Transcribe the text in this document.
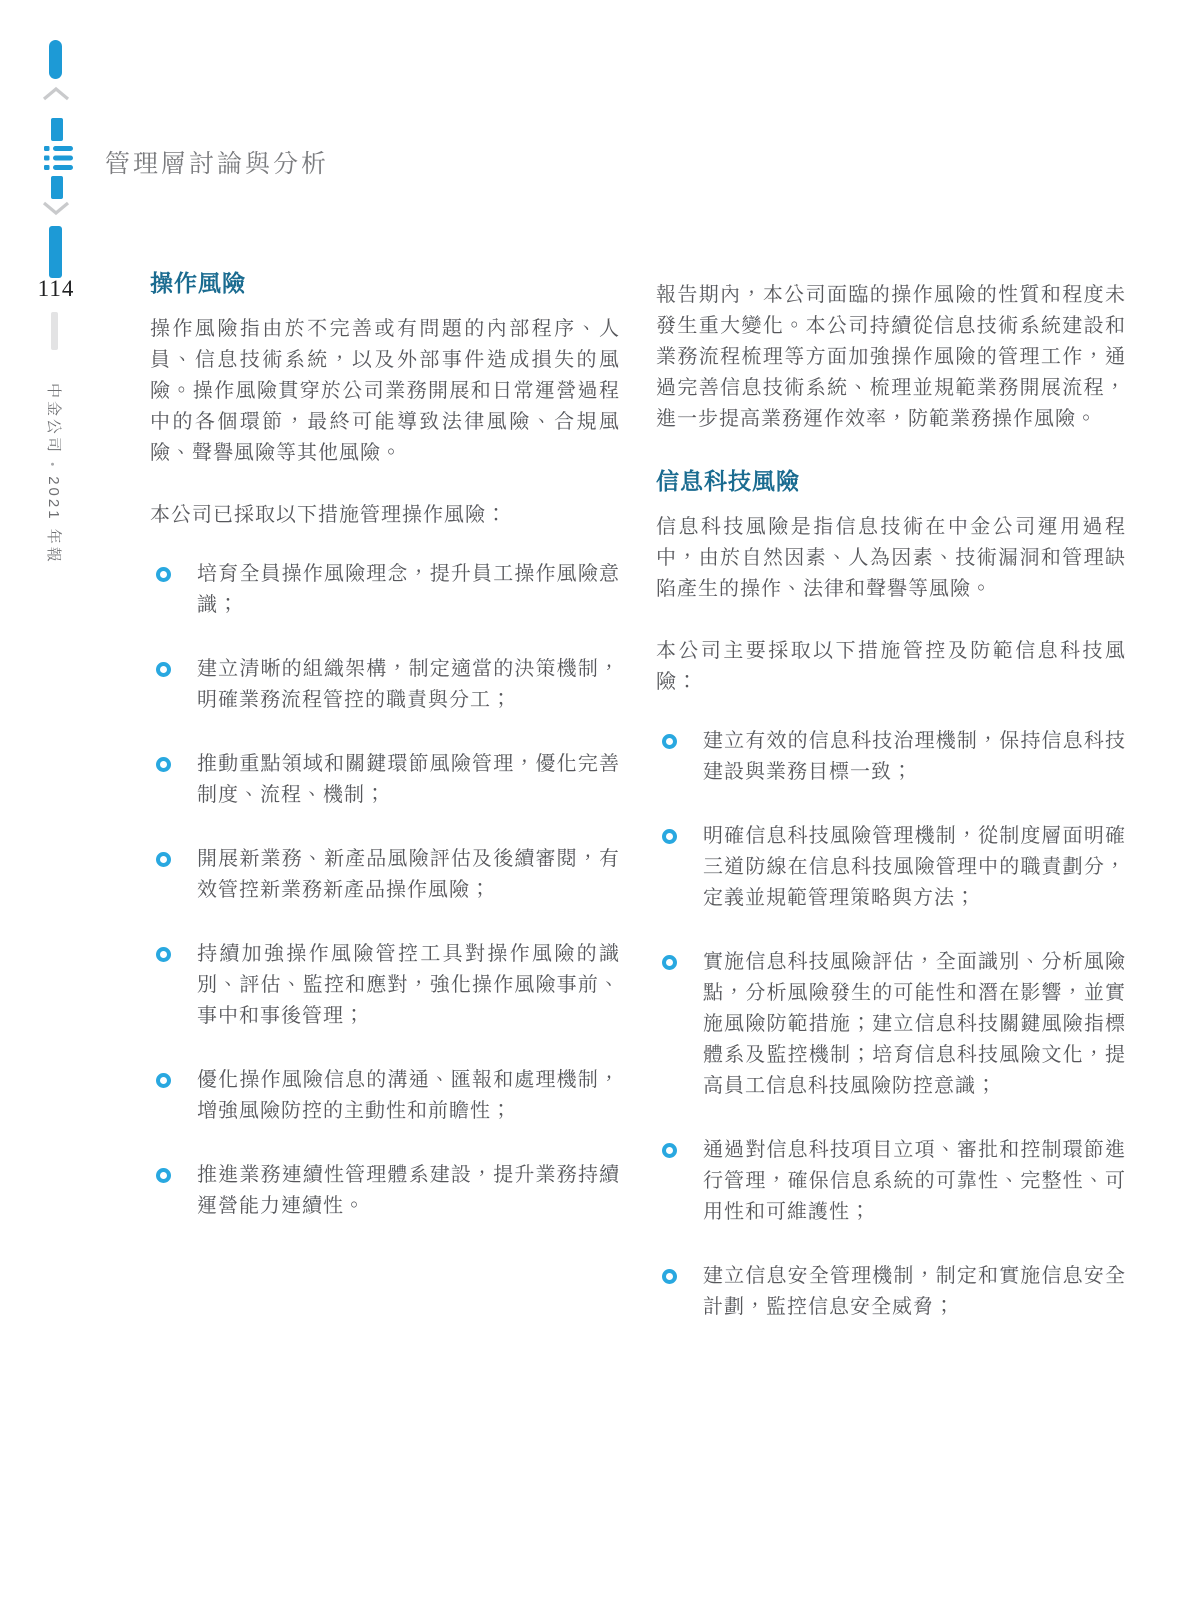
114
中金公司 • 2021 年報
管理層討論與分析
操作風險

操作風險指由於不完善或有問題的內部程序、人員、信息技術系統，以及外部事件造成損失的風險。操作風險貫穿於公司業務開展和日常運營過程中的各個環節，最終可能導致法律風險、合規風險、聲譽風險等其他風險。

本公司已採取以下措施管理操作風險：

培育全員操作風險理念，提升員工操作風險意識；
建立清晰的組織架構，制定適當的決策機制，明確業務流程管控的職責與分工；
推動重點領域和關鍵環節風險管理，優化完善制度、流程、機制；
開展新業務、新產品風險評估及後續審閱，有效管控新業務新產品操作風險；
持續加強操作風險管控工具對操作風險的識別、評估、監控和應對，強化操作風險事前、事中和事後管理；
優化操作風險信息的溝通、匯報和處理機制，增強風險防控的主動性和前瞻性；
推進業務連續性管理體系建設，提升業務持續運營能力連續性。

報告期內，本公司面臨的操作風險的性質和程度未發生重大變化。本公司持續從信息技術系統建設和業務流程梳理等方面加強操作風險的管理工作，通過完善信息技術系統、梳理並規範業務開展流程，進一步提高業務運作效率，防範業務操作風險。

信息科技風險

信息科技風險是指信息技術在中金公司運用過程中，由於自然因素、人為因素、技術漏洞和管理缺陷產生的操作、法律和聲譽等風險。

本公司主要採取以下措施管控及防範信息科技風險：

建立有效的信息科技治理機制，保持信息科技建設與業務目標一致；
明確信息科技風險管理機制，從制度層面明確三道防線在信息科技風險管理中的職責劃分，定義並規範管理策略與方法；
實施信息科技風險評估，全面識別、分析風險點，分析風險發生的可能性和潛在影響，並實施風險防範措施；建立信息科技關鍵風險指標體系及監控機制；培育信息科技風險文化，提高員工信息科技風險防控意識；
通過對信息科技項目立項、審批和控制環節進行管理，確保信息系統的可靠性、完整性、可用性和可維護性；
建立信息安全管理機制，制定和實施信息安全計劃，監控信息安全威脅；
